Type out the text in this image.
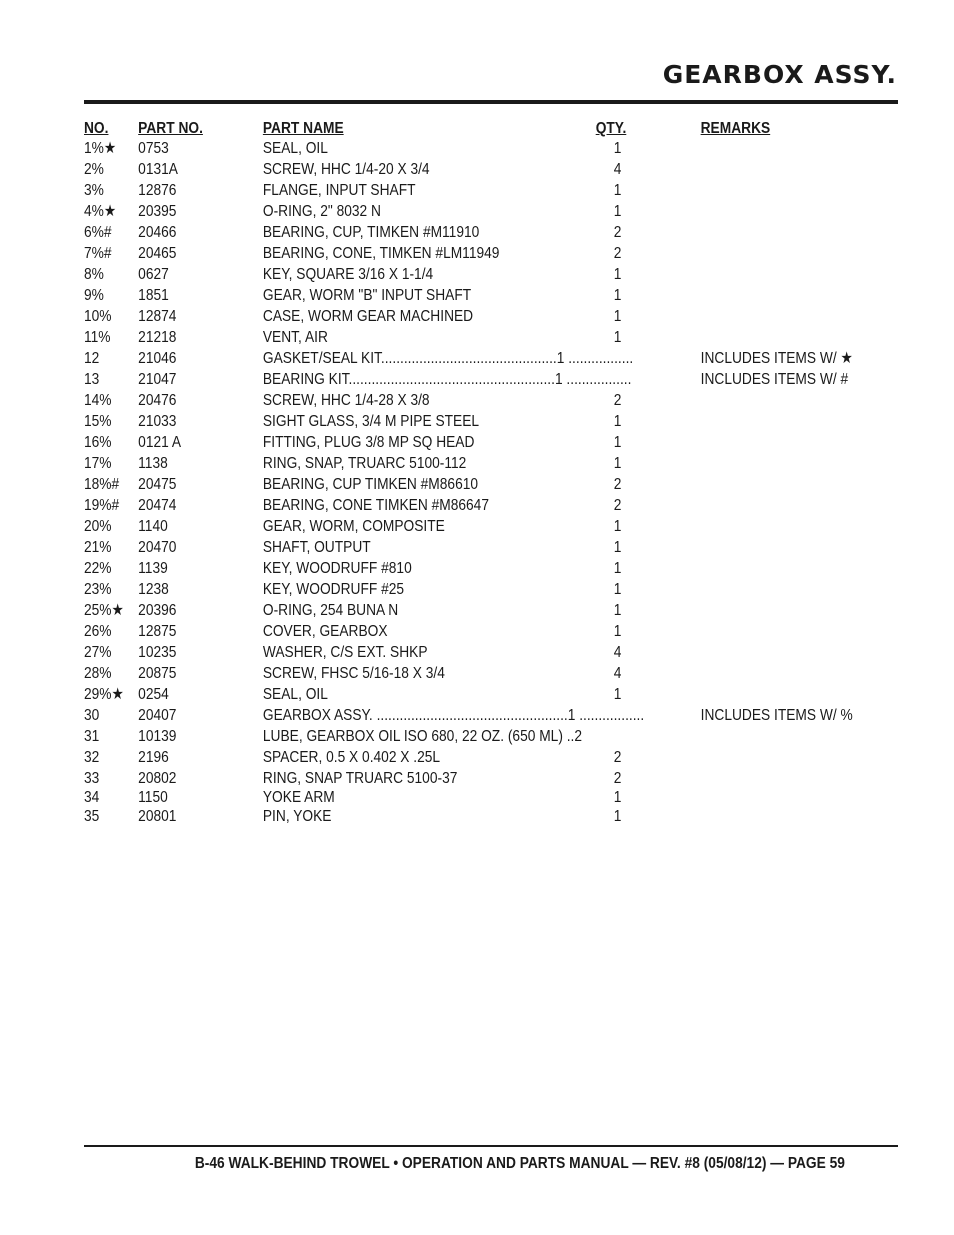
GEARBOX ASSY.
NO. PART NO.	PART NAME	QTY.	REMARKS
1%★ 0753	SEAL, OIL	1
2% 0131A	SCREW, HHC 1/4-20 X 3/4	4
3% 12876	FLANGE, INPUT SHAFT	1
4%★ 20395	O-RING, 2" 8032 N	1
6%# 20466	BEARING, CUP, TIMKEN #M11910	2
7%# 20465	BEARING, CONE, TIMKEN #LM11949	2
8% 0627	KEY, SQUARE 3/16 X 1-1/4	1
9% 1851	GEAR, WORM "B" INPUT SHAFT	1
10% 12874	CASE, WORM GEAR MACHINED	1
11% 21218	VENT, AIR	1
12 21046	GASKET/SEAL KIT..............................................1 .................	INCLUDES ITEMS W/ ★
13 21047	BEARING KIT......................................................1 .................	INCLUDES ITEMS W/ #
14% 20476	SCREW, HHC 1/4-28 X 3/8	2
15% 21033	SIGHT GLASS, 3/4 M PIPE STEEL	1
16% 0121 A	FITTING, PLUG 3/8 MP SQ HEAD	1
17% 1138	RING, SNAP, TRUARC 5100-112	1
18%# 20475	BEARING, CUP TIMKEN #M86610	2
19%# 20474	BEARING, CONE TIMKEN #M86647	2
20% 1140	GEAR, WORM, COMPOSITE	1
21% 20470	SHAFT, OUTPUT	1
22% 1139	KEY, WOODRUFF #810	1
23% 1238	KEY, WOODRUFF #25	1
25%★ 20396	O-RING, 254 BUNA N	1
26% 12875	COVER, GEARBOX	1
27% 10235	WASHER, C/S EXT. SHKP	4
28% 20875	SCREW, FHSC 5/16-18 X 3/4	4
29%★ 0254	SEAL, OIL	1
30 20407	GEARBOX ASSY. ..................................................1 .................	INCLUDES ITEMS W/ %
31 10139	LUBE, GEARBOX OIL ISO 680, 22 OZ. (650 ML) ..2
32 2196	SPACER, 0.5 X 0.402 X .25L	2
33 20802	RING, SNAP TRUARC 5100-37	2
34 1150	YOKE ARM	1
35 20801	PIN, YOKE	1
B-46 WALK-BEHIND TROWEL • OPERATION AND PARTS MANUAL — REV. #8 (05/08/12) — PAGE 59
